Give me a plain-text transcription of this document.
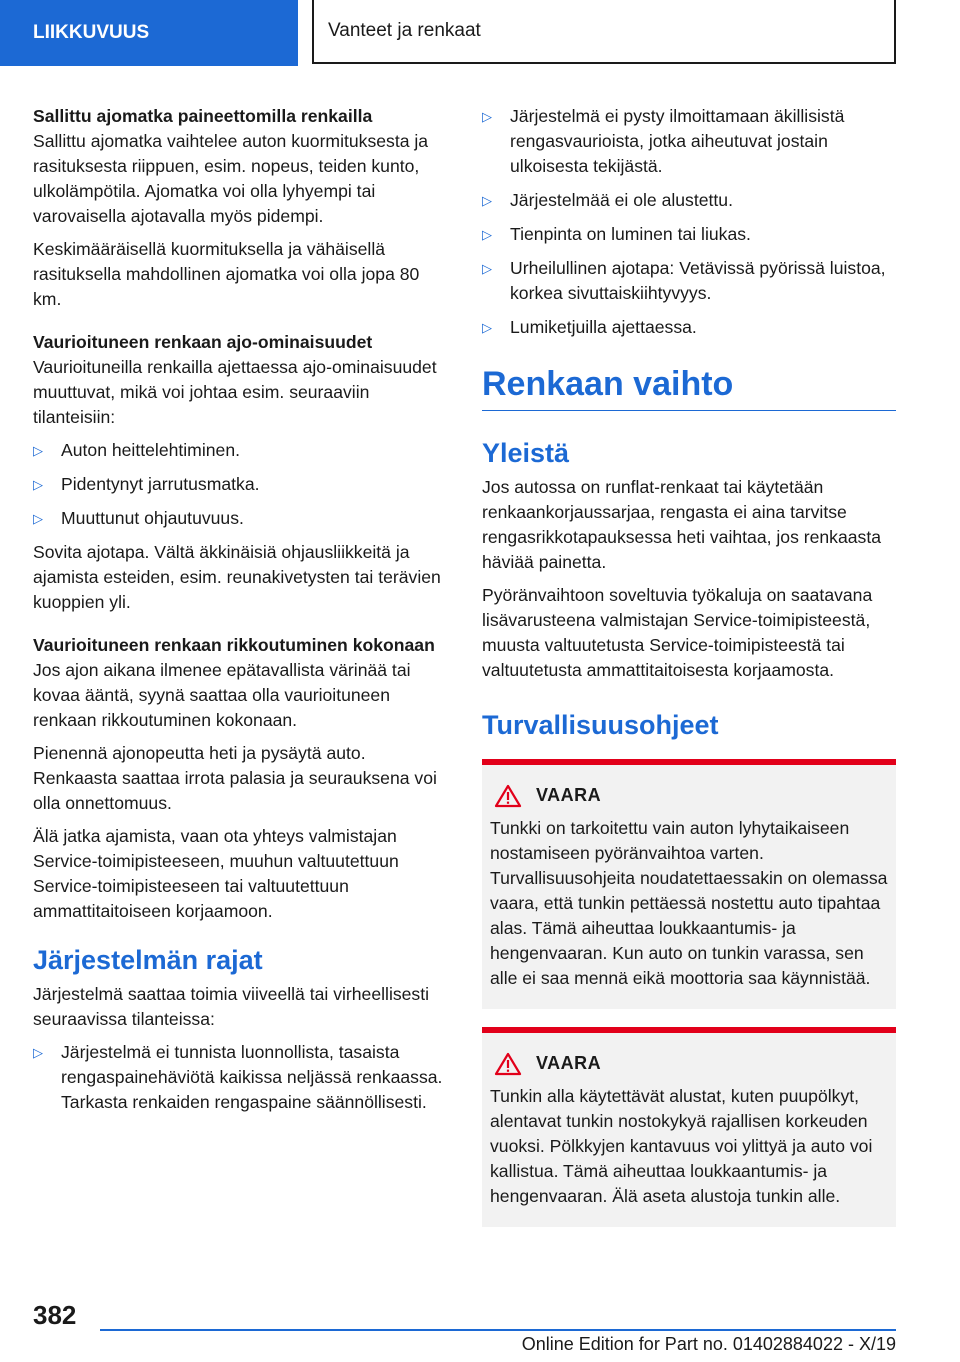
LIIKKUVUUS	Vanteet ja renkaat

Sallittu ajomatka paineettomilla renkailla

Sallittu ajomatka vaihtelee auton kuormituksesta ja rasituksesta riippuen, esim. nopeus, teiden kunto, ulkolämpötila. Ajomatka voi olla lyhyempi tai varovaisella ajotavalla myös pidempi.

Keskimääräisellä kuormituksella ja vähäisellä rasituksella mahdollinen ajomatka voi olla jopa 80 km.

Vaurioituneen renkaan ajo-ominaisuudet

Vaurioituneilla renkailla ajettaessa ajo-ominaisuudet muuttuvat, mikä voi johtaa esim. seuraaviin tilanteisiin:

▷ Auton heittelehtiminen.
▷ Pidentynyt jarrutusmatka.
▷ Muuttunut ohjautuvuus.

Sovita ajotapa. Vältä äkkinäisiä ohjausliikkeitä ja ajamista esteiden, esim. reunakivetysten tai terävien kuoppien yli.

Vaurioituneen renkaan rikkoutuminen kokonaan

Jos ajon aikana ilmenee epätavallista värinää tai kovaa ääntä, syynä saattaa olla vaurioituneen renkaan rikkoutuminen kokonaan.

Pienennä ajonopeutta heti ja pysäytä auto. Renkaasta saattaa irrota palasia ja seurauksena voi olla onnettomuus.

Älä jatka ajamista, vaan ota yhteys valmistajan Service-toimipisteeseen, muuhun valtuutettuun Service-toimipisteeseen tai valtuutettuun ammattitaitoiseen korjaamoon.

Järjestelmän rajat

Järjestelmä saattaa toimia viiveellä tai virheellisesti seuraavissa tilanteissa:

▷ Järjestelmä ei tunnista luonnollista, tasaista rengaspainehäviötä kaikissa neljässä renkaassa. Tarkasta renkaiden rengaspaine säännöllisesti.
▷ Järjestelmä ei pysty ilmoittamaan äkillisistä rengasvaurioista, jotka aiheutuvat jostain ulkoisesta tekijästä.
▷ Järjestelmää ei ole alustettu.
▷ Tienpinta on luminen tai liukas.
▷ Urheilullinen ajotapa: Vetävissä pyörissä luistoa, korkea sivuttaiskiihtyvyys.
▷ Lumiketjuilla ajettaessa.
Renkaan vaihto
Yleistä

Jos autossa on runflat-renkaat tai käytetään renkaankorjaussarjaa, rengasta ei aina tarvitse rengasrikkotapauksessa heti vaihtaa, jos renkaasta häviää painetta.

Pyöränvaihtoon soveltuvia työkaluja on saatavana lisävarusteena valmistajan Service-toimipisteestä, muusta valtuutetusta Service-toimipisteestä tai valtuutetusta ammattitaitoisesta korjaamosta.

Turvallisuusohjeet
VAARA

Tunkki on tarkoitettu vain auton lyhytaikaiseen nostamiseen pyöränvaihtoa varten. Turvallisuusohjeita noudatettaessakin on olemassa vaara, että tunkin pettäessä nostettu auto tipahtaa alas. Tämä aiheuttaa loukkaantumis- ja hengenvaaran. Kun auto on tunkin varassa, sen alle ei saa mennä eikä moottoria saa käynnistää.

VAARA

Tunkin alla käytettävät alustat, kuten puupölkyt, alentavat tunkin nostokykyä rajallisen korkeuden vuoksi. Pölkkyjen kantavuus voi ylittyä ja auto voi kallistua. Tämä aiheuttaa loukkaantumis- ja hengenvaaran. Älä aseta alustoja tunkin alle.

382
Online Edition for Part no. 01402884022 - X/19
